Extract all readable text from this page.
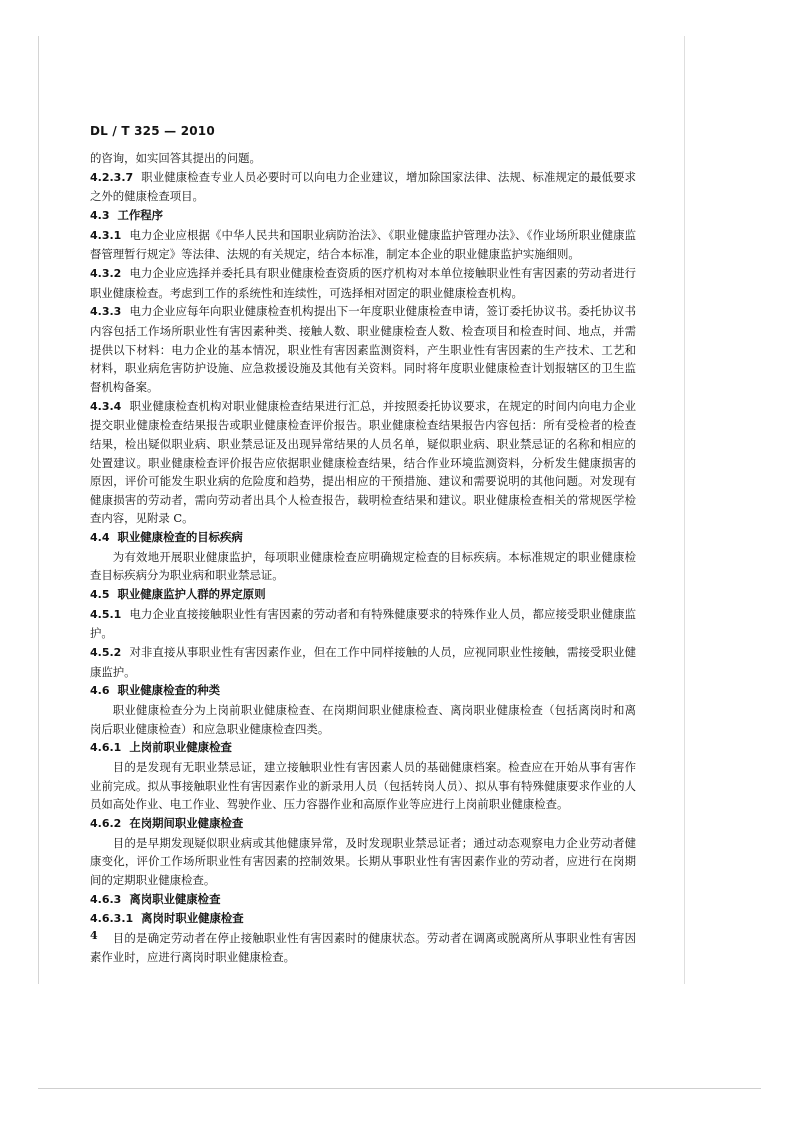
DL / T 325 — 2010

的咨询，如实回答其提出的问题。

4.2.3.7 职业健康检查专业人员必要时可以向电力企业建议，增加除国家法律、法规、标准规定的最低要求之外的健康检查项目。

4.3 工作程序

4.3.1 电力企业应根据《中华人民共和国职业病防治法》、《职业健康监护管理办法》、《作业场所职业健康监督管理暂行规定》等法律、法规的有关规定，结合本标准，制定本企业的职业健康监护实施细则。

4.3.2 电力企业应选择并委托具有职业健康检查资质的医疗机构对本单位接触职业性有害因素的劳动者进行职业健康检查。考虑到工作的系统性和连续性，可选择相对固定的职业健康检查机构。

4.3.3 电力企业应每年向职业健康检查机构提出下一年度职业健康检查申请，签订委托协议书。委托协议书内容包括工作场所职业性有害因素种类、接触人数、职业健康检查人数、检查项目和检查时间、地点，并需提供以下材料：电力企业的基本情况，职业性有害因素监测资料，产生职业性有害因素的生产技术、工艺和材料，职业病危害防护设施、应急救援设施及其他有关资料。同时将年度职业健康检查计划报辖区的卫生监督机构备案。

4.3.4 职业健康检查机构对职业健康检查结果进行汇总，并按照委托协议要求，在规定的时间内向电力企业提交职业健康检查结果报告或职业健康检查评价报告。职业健康检查结果报告内容包括：所有受检者的检查结果，检出疑似职业病、职业禁忌证及出现异常结果的人员名单，疑似职业病、职业禁忌证的名称和相应的处置建议。职业健康检查评价报告应依据职业健康检查结果，结合作业环境监测资料，分析发生健康损害的原因，评价可能发生职业病的危险度和趋势，提出相应的干预措施、建议和需要说明的其他问题。对发现有健康损害的劳动者，需向劳动者出具个人检查报告，载明检查结果和建议。职业健康检查相关的常规医学检查内容，见附录 C。

4.4 职业健康检查的目标疾病

为有效地开展职业健康监护，每项职业健康检查应明确规定检查的目标疾病。本标准规定的职业健康检查目标疾病分为职业病和职业禁忌证。

4.5 职业健康监护人群的界定原则

4.5.1 电力企业直接接触职业性有害因素的劳动者和有特殊健康要求的特殊作业人员，都应接受职业健康监护。

4.5.2 对非直接从事职业性有害因素作业，但在工作中同样接触的人员，应视同职业性接触，需接受职业健康监护。

4.6 职业健康检查的种类

职业健康检查分为上岗前职业健康检查、在岗期间职业健康检查、离岗职业健康检查（包括离岗时和离岗后职业健康检查）和应急职业健康检查四类。

4.6.1 上岗前职业健康检查

目的是发现有无职业禁忌证，建立接触职业性有害因素人员的基础健康档案。检查应在开始从事有害作业前完成。拟从事接触职业性有害因素作业的新录用人员（包括转岗人员）、拟从事有特殊健康要求作业的人员如高处作业、电工作业、驾驶作业、压力容器作业和高原作业等应进行上岗前职业健康检查。

4.6.2 在岗期间职业健康检查

目的是早期发现疑似职业病或其他健康异常，及时发现职业禁忌证者；通过动态观察电力企业劳动者健康变化，评价工作场所职业性有害因素的控制效果。长期从事职业性有害因素作业的劳动者，应进行在岗期间的定期职业健康检查。

4.6.3 离岗职业健康检查

4.6.3.1 离岗时职业健康检查

目的是确定劳动者在停止接触职业性有害因素时的健康状态。劳动者在调离或脱离所从事职业性有害因素作业时，应进行离岗时职业健康检查。

4
